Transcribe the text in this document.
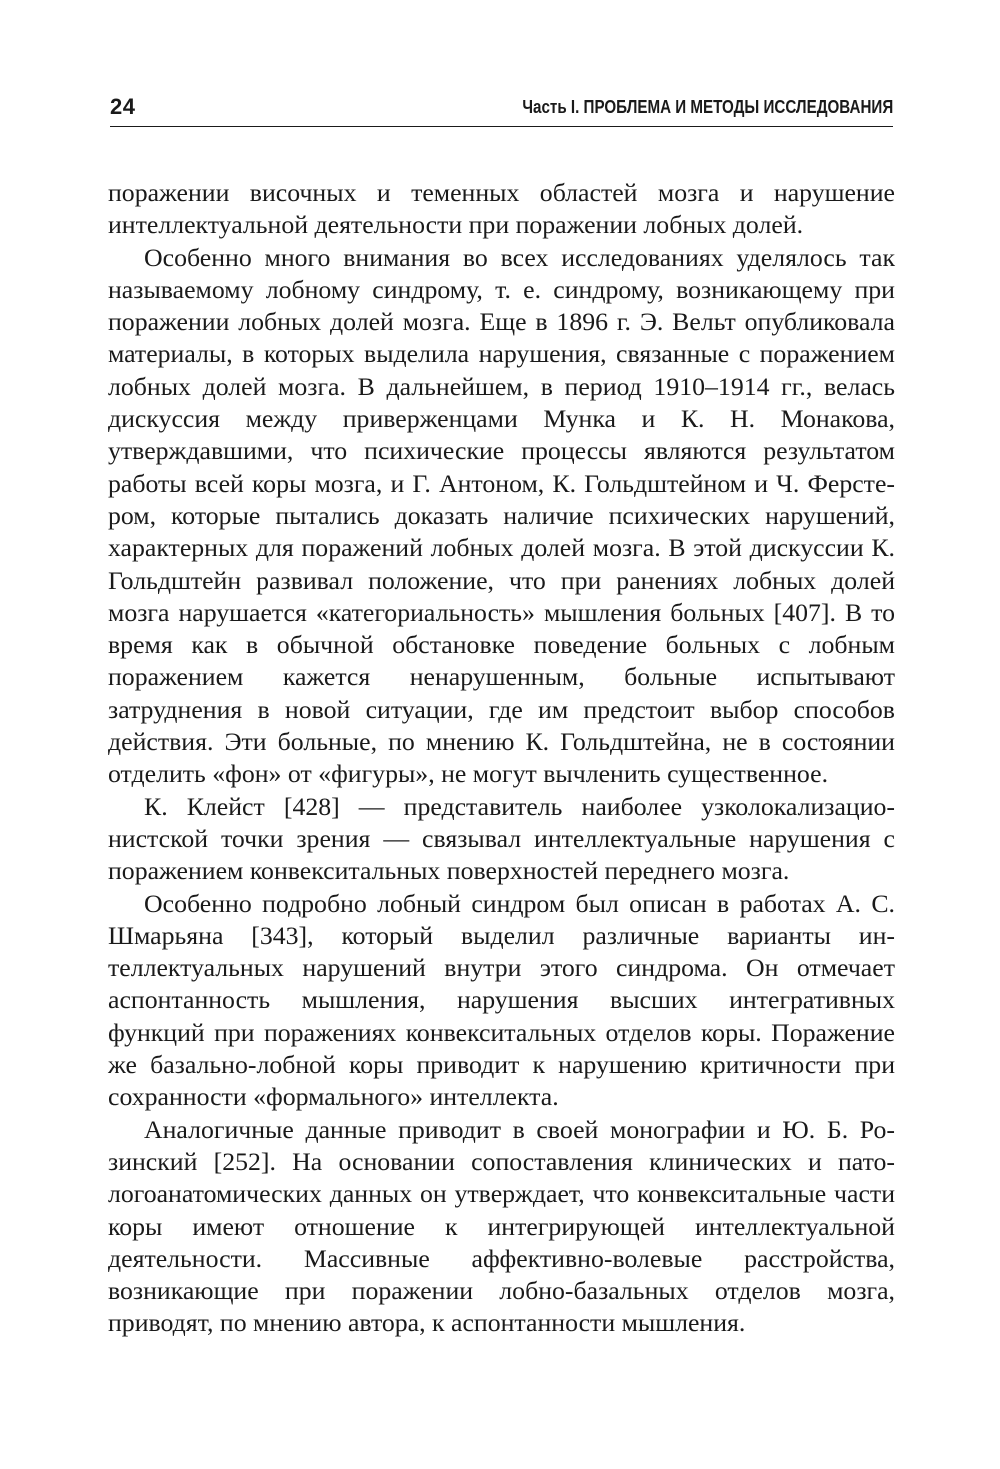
24	Часть I. ПРОБЛЕМА И МЕТОДЫ ИССЛЕДОВАНИЯ

поражении височных и теменных областей мозга и нарушение интеллектуальной деятельности при поражении лобных долей.

Особенно много внимания во всех исследованиях уделялось так называемому лобному синдрому, т. е. синдрому, возникающему при поражении лобных долей мозга. Еще в 1896 г. Э. Вельт опубликовала материалы, в которых выделила нарушения, связанные с поражением лобных долей мозга. В дальнейшем, в период 1910–1914 гг., велась дискуссия между приверженцами Мунка и К. Н. Монакова, утверждавшими, что психические процессы являются результатом работы всей коры мозга, и Г. Антоном, К. Гольдштейном и Ч. Ферстером, которые пытались доказать наличие психических нарушений, характерных для поражений лобных долей мозга. В этой дискуссии К. Гольдштейн развивал положение, что при ранениях лобных долей мозга нарушается «категориальность» мышления больных [407]. В то время как в обычной обстановке поведение больных с лобным поражением кажется ненарушенным, больные испытывают затруднения в новой ситуации, где им предстоит выбор способов действия. Эти больные, по мнению К. Гольдштейна, не в состоянии отделить «фон» от «фигуры», не могут вычленить существенное.

К. Клейст [428] — представитель наиболее узколокализационистской точки зрения — связывал интеллектуальные нарушения с поражением конвекситальных поверхностей переднего мозга.

Особенно подробно лобный синдром был описан в работах А. С. Шмарьяна [343], который выделил различные варианты интеллектуальных нарушений внутри этого синдрома. Он отмечает аспонтанность мышления, нарушения высших интегративных функций при поражениях конвекситальных отделов коры. Поражение же базально-лобной коры приводит к нарушению критичности при сохранности «формального» интеллекта.

Аналогичные данные приводит в своей монографии и Ю. Б. Розинский [252]. На основании сопоставления клинических и патологоанатомических данных он утверждает, что конвекситальные части коры имеют отношение к интегрирующей интеллектуальной деятельности. Массивные аффективно-волевые расстройства, возникающие при поражении лобно-базальных отделов мозга, приводят, по мнению автора, к аспонтанности мышления.
